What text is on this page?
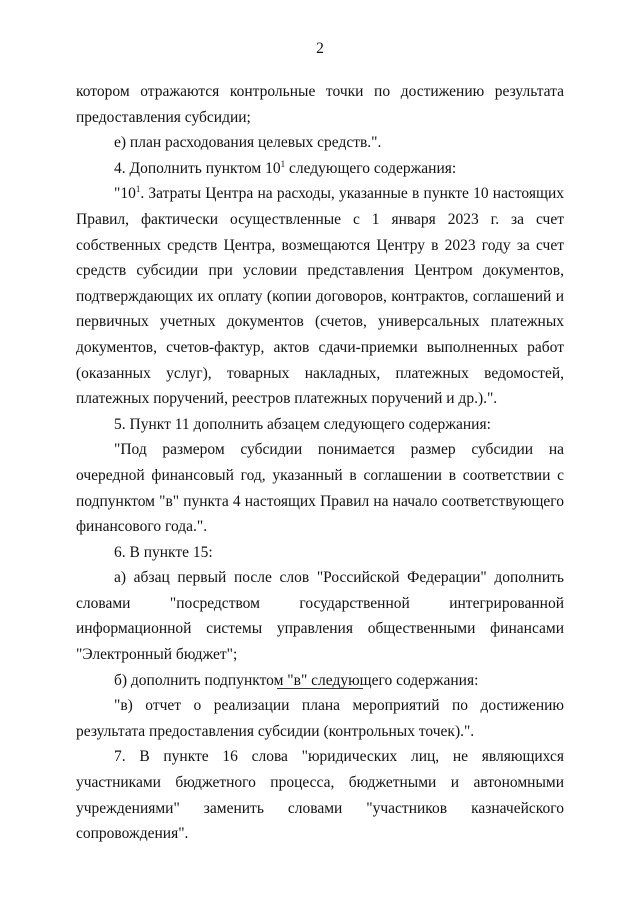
2

котором отражаются контрольные точки по достижению результата предоставления субсидии;

е) план расходования целевых средств.".

4. Дополнить пунктом $10^1$ следующего содержания:

"$10^1$. Затраты Центра на расходы, указанные в пункте 10 настоящих Правил, фактически осуществленные с 1 января 2023 г. за счет собственных средств Центра, возмещаются Центру в 2023 году за счет средств субсидии при условии представления Центром документов, подтверждающих их оплату (копии договоров, контрактов, соглашений и первичных учетных документов (счетов, универсальных платежных документов, счетов-фактур, актов сдачи-приемки выполненных работ (оказанных услуг), товарных накладных, платежных ведомостей, платежных поручений, реестров платежных поручений и др.).".

5. Пункт 11 дополнить абзацем следующего содержания:

"Под размером субсидии понимается размер субсидии на очередной финансовый год, указанный в соглашении в соответствии с подпунктом "в" пункта 4 настоящих Правил на начало соответствующего финансового года.".

6. В пункте 15:

а) абзац первый после слов "Российской Федерации" дополнить словами "посредством государственной интегрированной информационной системы управления общественными финансами "Электронный бюджет";

б) дополнить подпунктом "в" следующего содержания:

"в) отчет о реализации плана мероприятий по достижению результата предоставления субсидии (контрольных точек).".

7. В пункте 16 слова "юридических лиц, не являющихся участниками бюджетного процесса, бюджетными и автономными учреждениями" заменить словами "участников казначейского сопровождения".
